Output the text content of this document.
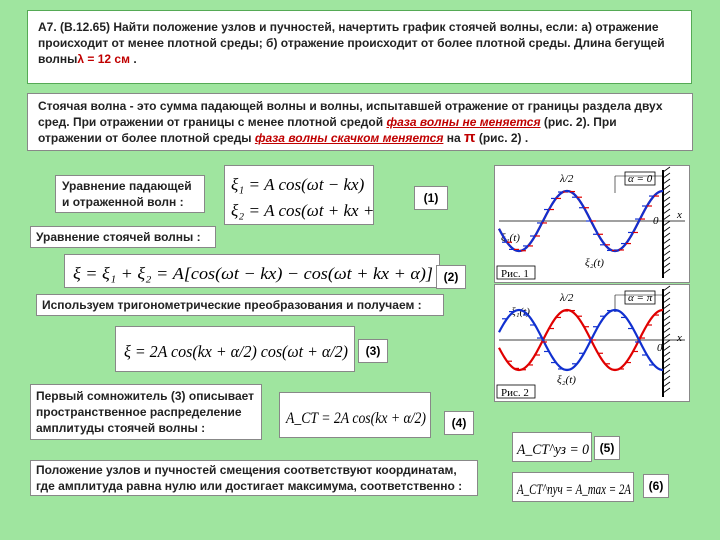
А7. (В.12.65) Найти положение узлов и пучностей, начертить график стоячей волны, если: а) отражение
происходит от менее плотной среды; б) отражение происходит от более плотной среды. Длина бегущей
волныλ = 12 см .
Стоячая волна - это сумма падающей волны и волны, испытавшей отражение от границы раздела двух
сред. При отражении от границы с менее плотной средой фаза волны не меняется (рис. 2). При
отражении от более плотной среды фаза волны скачком меняется на π (рис. 2) .
Уравнение падающей
и отраженной волн :
ξ₁ = A cos(ωt − kx)
ξ₂ = A cos(ωt + kx +
(1)
Уравнение стоячей волны :
ξ = ξ₁ + ξ₂ = A[cos(ωt − kx) − cos(ωt + kx + α)] (2)
Используем тригонометрические преобразования и получаем :
ξ = 2A cos(kx + α/2) cos(ωt + α/2)	(3)
Первый сомножитель (3) описывает
пространственное распределение
амплитуды стоячей волны :
A_CT = 2A cos(kx + α/2)	(4)
A_CT^уз = 0 (5)
Положение узлов и пучностей смещения соответствуют координатам,
где амплитуда равна нулю или достигает максимума, соответственно :	A_CT^пуч = A_max = 2A	(6)
Рис. 1
α = 0
λ/2
ξ₁(t)
ξ₂(t)
0 x
Рис. 2
α = π
λ/2
ξ₁(t)
ξ₂(t)
0
x
